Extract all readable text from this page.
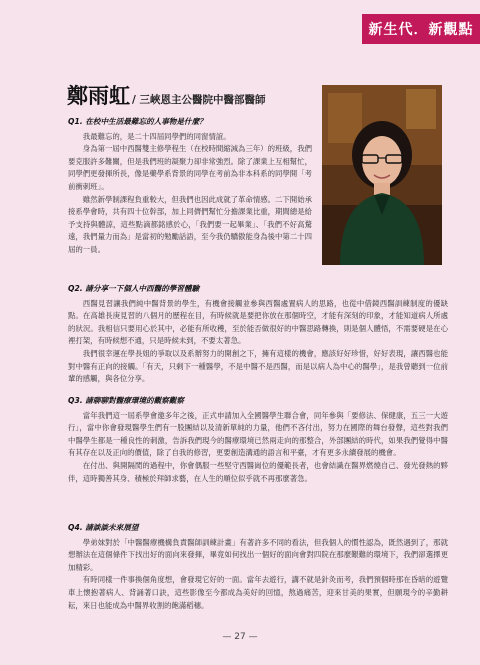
新生代．新觀點
鄭雨虹 / 三峽恩主公醫院中醫部醫師
Q1. 在校中生活最難忘的人事物是什麼？

我最難忘的，是二十四屆同學們的同窗情誼。

身為第一屆中西醫雙主修學程生（在校時間縮減為三年）的班級，我們要克服許多難關，但是我們班的凝聚力卻非常強烈。除了課業上互相幫忙，同學們更發揮所長，像是藥學系背景的同學在考前為非本科系的同學開「考前衝刺班」。

雖然新學制課程負重較大，但我們也因此成就了革命情感。二下開始承接系學會時，共有四十位幹部，加上同儕們幫忙分擔課業比重，期間總是給予支持與體諒，這些點滴都銘感於心，「我們要一起畢業」、「我們不好高騖遠，我們量力而為」是當初的勉勵話語，至今我仍驕傲能身為後中第二十四屆的一員。

Q2. 請分享一下個人中西醫的學習體驗

西醫見習讓我們純中醫背景的學生，有機會接觸並參與西醫處置病人的思路，也從中借鏡西醫訓練制度的優缺點。在高雄長庚見習的八個月的歷程在目，有時候就是要把你放在那個時空，才能有深刻的印象，才能知道病人所處的狀況。我相信只要用心於其中，必能有所收穫，至於能否做很好的中醫思路轉換，則是個人體悟，不需要硬是在心裡打架，有時候想不通，只是時候未到，不要太著急。

我們很幸運在學長姐的爭取以及系辦努力的開創之下，擁有這樣的機會，應該好好珍惜，好好表現，讓西醫也能對中醫有正向的接觸。「有天，只剩下一種醫學，不是中醫不是西醫，而是以病人為中心的醫學」，是我曾聽到一位前輩的感觸，與各位分享。

Q3. 請聊聊對醫療環境的觀察觀察

當年我們這一屆系學會邀多年之後，正式申請加入全國醫學生聯合會，同年參與「要修法、保健康，五三一大遊行」，當中你會發現醫學生們有一股團結以及清新單純的力量，他們不吝付出，努力在國際的舞台發聲，這些對我們中醫學生都是一種良性的刺激，告訴我們現今的醫療環境已然兩走向的那整合，外部團結的時代，如果我們覺得中醫有其存在以及正向的價值，除了自我的修習，更要創造溝通的語言和平臺，才有更多永續發展的機會。

在付出、與開隔閡的過程中，你會偶服一些堅守西醫崗位的優範長者，也會結識在醫界燃燒自己、發光發熱的夥伴，這時獨善其身、積極於拜師求藝，在人生的順位似乎就不再那麼著急。

Q4. 請談談未來展望

學弟妹對於「中醫醫療機構負責醫師訓練計畫」有著許多不同的看法，但我個人的慣性認為，既然遇到了，那就想辦法在這個條件下找出好的面向來發揮，畢竟如何找出一個好的面向會對四院在那麼艱難的環境下，我們卻選擇更加精彩。

有時同樣一件事換個角度想，會發現它好的一面。當年去遊行，講不就是針灸而考，我們預個時那在昏暗的遊覽車上懷抱著病人、背誦著口訣，這些影像至今都成為美好的回憶，熬過痛苦，迎來甘美的果實，但願現今的辛勤耕耘，來日也能成為中醫界收割的飽滿稻穗。

— 27 —
